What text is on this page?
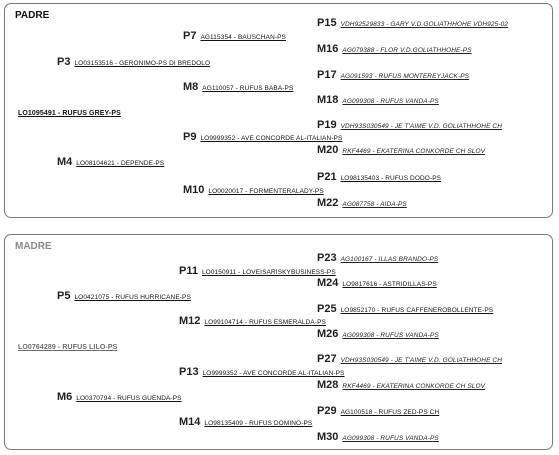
PADRE
LO1095491 - RUFUS GREY-PS
P3 LO03153516 - GERONIMO-PS DI BREDOLO
M4 LO08104621 - DEPENDE-PS
P7 AG115354 - BAUSCHAN-PS
M8 AG110057 - RUFUS BABA-PS
P9 LO9999352 - AVE CONCORDE AL-ITALIAN-PS
M10 LO0020017 - FORMENTERALADY-PS
P15 VDH92529833 - GARY V.D.GOLIATHHOHE VDH925-02
M16 AG079388 - FLOR V.D.GOLIATHHOHE-PS
P17 AG091593 - RUFUS MONTEREYJACK-PS
M18 AG099308 - RUFUS VANDA-PS
P19 VDH93S030549 - JE T'AIME V.D. GOLIATHHOHE CH
M20 RKF4469 - EKATERINA CONKORDE CH SLOV
P21 LO98135403 - RUFUS DODO-PS
M22 AG087758 - AIDA-PS
MADRE
LO0764289 - RUFUS LILO-PS
P5 LO0421075 - RUFUS HURRICANE-PS
M6 LO0370794 - RUFUS GUENDA-PS
P11 LO0150911 - LOVEISARISKYBUSINESS-PS
M12 LO99104714 - RUFUS ESMERALDA-PS
P13 LO9999352 - AVE CONCORDE AL-ITALIAN-PS
M14 LO98135409 - RUFUS DOMINO-PS
P23 AG100167 - ILLAS BRANDO-PS
M24 LO9817616 - ASTRIDILLAS-PS
P25 LO9852170 - RUFUS CAFFENEROBOLLENTE-PS
M26 AG099308 - RUFUS VANDA-PS
P27 VDH93S030549 - JE T'AIME V.D. GOLIATHHOHE CH
M28 RKF4469 - EKATERINA CONKORDE CH SLOV
P29 AG100518 - RUFUS ZED-PS CH
M30 AG099308 - RUFUS VANDA-PS
